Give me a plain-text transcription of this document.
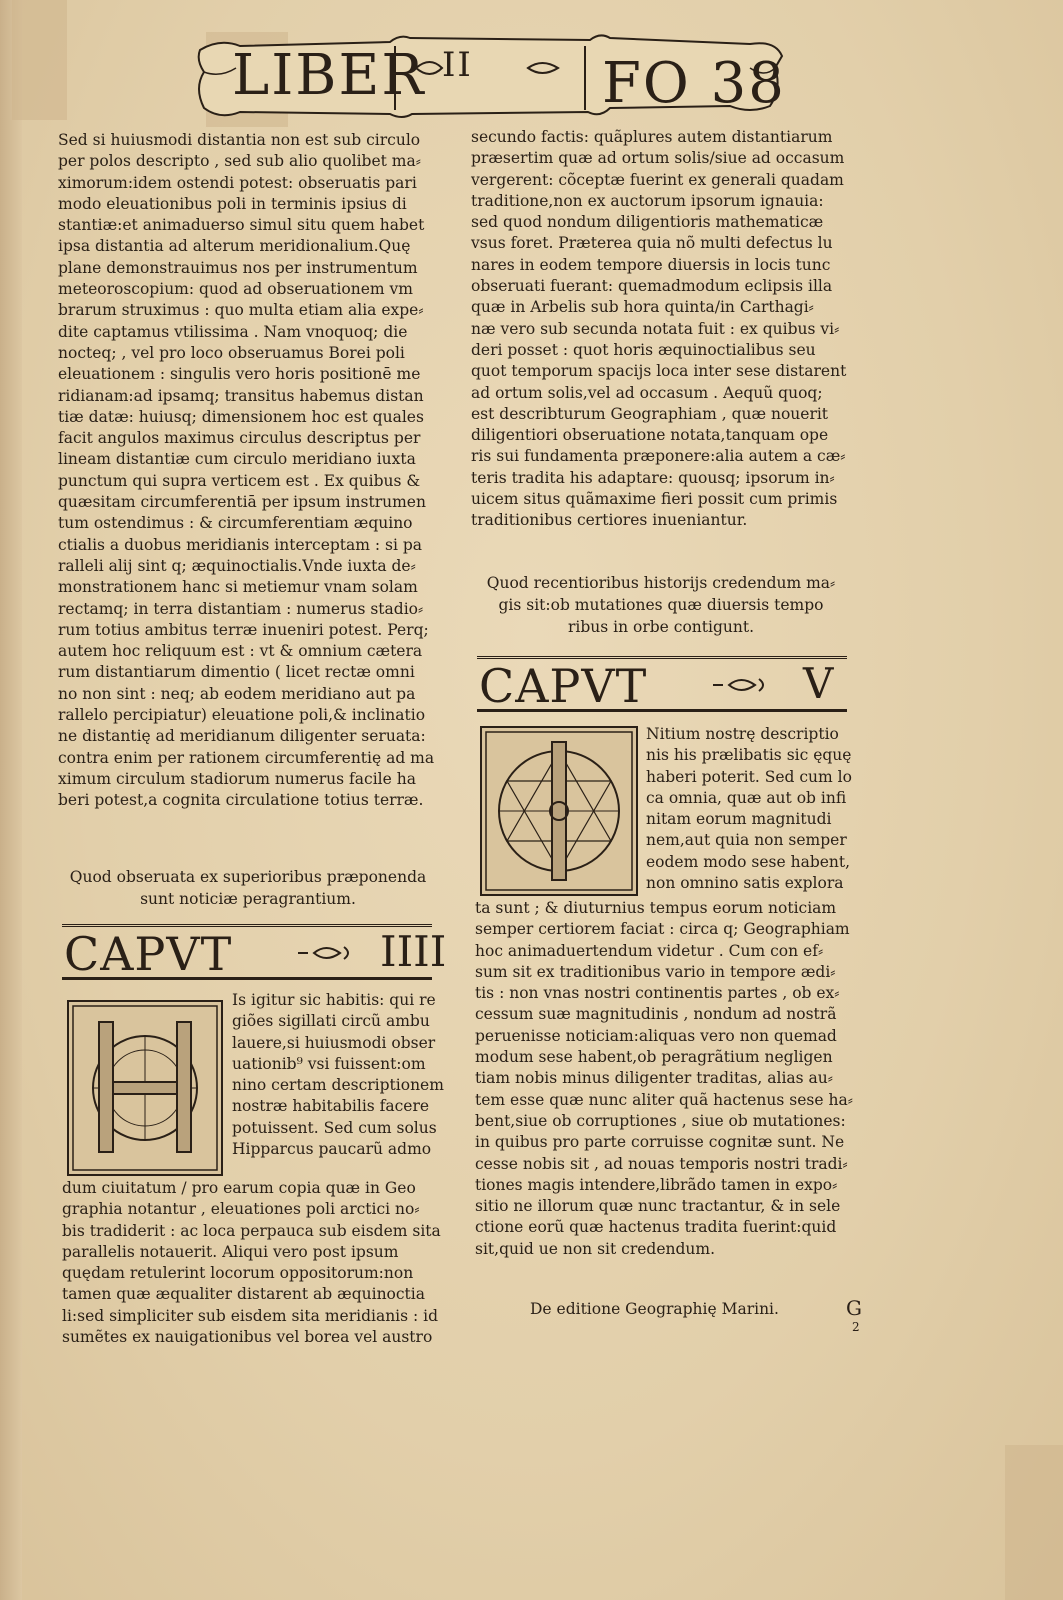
LIBER II FO 38
Sed si huiusmodi distantia non est sub circulo
per polos descripto , sed sub alio quolibet ma⸗
ximorum:idem ostendi potest: obseruatis pari
modo eleuationibus poli in terminis ipsius di
stantiæ:et animaduerso simul situ quem habet
ipsa distantia ad alterum meridionalium.Quę
plane demonstrauimus nos per instrumentum
meteoroscopium: quod ad obseruationem vm
brarum struximus : quo multa etiam alia expe⸗
dite captamus vtilissima . Nam vnoquoq; die
nocteq; , vel pro loco obseruamus Borei poli
eleuationem : singulis vero horis positionē me
ridianam:ad ipsamq; transitus habemus distan
tiæ datæ: huiusq; dimensionem hoc est quales
facit angulos maximus circulus descriptus per
lineam distantiæ cum circulo meridiano iuxta
punctum qui supra verticem est . Ex quibus &
quæsitam circumferentiā per ipsum instrumen
tum ostendimus : & circumferentiam æquino
ctialis a duobus meridianis interceptam : si pa
ralleli alij sint q; æquinoctialis.Vnde iuxta de⸗
monstrationem hanc si metiemur vnam solam
rectamq; in terra distantiam : numerus stadio⸗
rum totius ambitus terræ inueniri potest. Perq;
autem hoc reliquum est : vt & omnium cætera
rum distantiarum dimentio ( licet rectæ omni
no non sint : neq; ab eodem meridiano aut pa
rallelo percipiatur) eleuatione poli,& inclinatio
ne distantię ad meridianum diligenter seruata:
contra enim per rationem circumferentię ad ma
ximum circulum stadiorum numerus facile ha
beri potest,a cognita circulatione totius terræ.
Quod obseruata ex superioribus præponenda
sunt noticiæ peragrantium.
CAPVT	IIII
Is igitur sic habitis: qui re
giões sigillati circũ ambu
lauere,si huiusmodi obser
uationib⁹ vsi fuissent:om
nino certam descriptionem
nostræ habitabilis facere
potuissent. Sed cum solus
Hipparcus paucarũ admo
dum ciuitatum / pro earum copia quæ in Geo
graphia notantur , eleuationes poli arctici no⸗
bis tradiderit : ac loca perpauca sub eisdem sita
parallelis notauerit. Aliqui vero post ipsum
quędam retulerint locorum oppositorum:non
tamen quæ æqualiter distarent ab æquinoctia
li:sed simpliciter sub eisdem sita meridianis : id
sumẽtes ex nauigationibus vel borea vel austro
secundo factis: quãplures autem distantiarum
præsertim quæ ad ortum solis/siue ad occasum
vergerent: cõceptæ fuerint ex generali quadam
traditione,non ex auctorum ipsorum ignauia:
sed quod nondum diligentioris mathematicæ
vsus foret. Præterea quia nõ multi defectus lu
nares in eodem tempore diuersis in locis tunc
obseruati fuerant: quemadmodum eclipsis illa
quæ in Arbelis sub hora quinta/in Carthagi⸗
næ vero sub secunda notata fuit : ex quibus vi⸗
deri posset : quot horis æquinoctialibus seu
quot temporum spacijs loca inter sese distarent
ad ortum solis,vel ad occasum . Aequũ quoq;
est describturum Geographiam , quæ nouerit
diligentiori obseruatione notata,tanquam ope
ris sui fundamenta præponere:alia autem a cæ⸗
teris tradita his adaptare: quousq; ipsorum in⸗
uicem situs quãmaxime fieri possit cum primis
traditionibus certiores inueniantur.
Quod recentioribus historijs credendum ma⸗
gis sit:ob mutationes quæ diuersis tempo
ribus in orbe contigunt.
CAPVT	V
Nitium nostrę descriptio
nis his prælibatis sic ęquę
haberi poterit. Sed cum lo
ca omnia, quæ aut ob infi
nitam eorum magnitudi
nem,aut quia non semper
eodem modo sese habent,
non omnino satis explora
ta sunt ; & diuturnius tempus eorum noticiam
semper certiorem faciat : circa q; Geographiam
hoc animaduertendum videtur . Cum con ef⸗
sum sit ex traditionibus vario in tempore ædi⸗
tis : non vnas nostri continentis partes , ob ex⸗
cessum suæ magnitudinis , nondum ad nostrã
peruenisse noticiam:aliquas vero non quemad
modum sese habent,ob peragrãtium negligen
tiam nobis minus diligenter traditas, alias au⸗
tem esse quæ nunc aliter quã hactenus sese ha⸗
bent,siue ob corruptiones , siue ob mutationes:
in quibus pro parte corruisse cognitæ sunt. Ne
cesse nobis sit , ad nouas temporis nostri tradi⸗
tiones magis intendere,librãdo tamen in expo⸗
sitio ne illorum quæ nunc tractantur, & in sele
ctione eorũ quæ hactenus tradita fuerint:quid
sit,quid ue non sit credendum.
De editione Geographię Marini.	G
2
